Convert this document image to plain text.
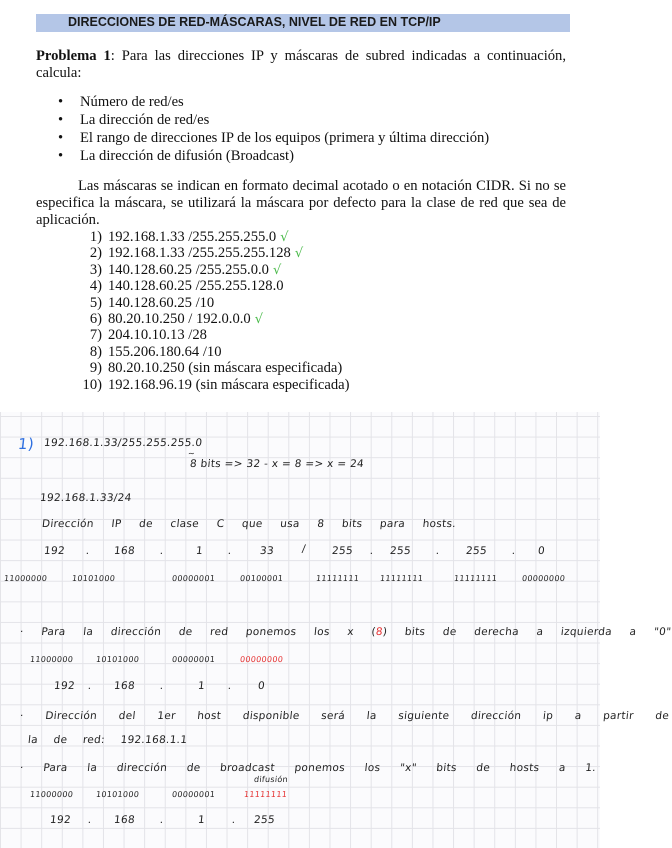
DIRECCIONES DE RED-MÁSCARAS, NIVEL DE RED EN TCP/IP

Problema 1: Para las direcciones IP y máscaras de subred indicadas a continuación, calcula:

• Número de red/es
• La dirección de red/es
• El rango de direcciones IP de los equipos (primera y última dirección)
• La dirección de difusión (Broadcast)

Las máscaras se indican en formato decimal acotado o en notación CIDR. Si no se especifica la máscara, se utilizará la máscara por defecto para la clase de red que sea de aplicación.

1) 192.168.1.33 /255.255.255.0 √
2) 192.168.1.33 /255.255.255.128 √
3) 140.128.60.25 /255.255.0.0 √
4) 140.128.60.25 /255.255.128.0
5) 140.128.60.25 /10
6) 80.20.10.250 / 192.0.0.0 √
7) 204.10.10.13 /28
8) 155.206.180.64 /10
9) 80.20.10.250 (sin máscara especificada)
10) 192.168.96.19 (sin máscara especificada)
1) 192.168.1.33/255.255.255.0
~
8 bits => 32 - x = 8 => x = 24
192.168.1.33/24
Dirección IP de clase C que usa 8 bits para hosts.
192 . 168 .	1 .	33	/ 255 . 255 . 255 . 0
11000000	10101000	00000001	00100001	11111111 11111111	11111111	00000000
· Para la dirección de red ponemos los x (8) bits de derecha a izquierda a "0"
11000000	10101000	00000001	00000000
192 . 168 .	1 . 0
· Dirección del 1er host disponible será la siguiente dirección ip a partir de
la de red: 192.168.1.1
· Para la dirección de broadcast ponemos los "x" bits de hosts a 1.
difusión
11000000	10101000	00000001	11111111
192 . 168 .	1 . 255
